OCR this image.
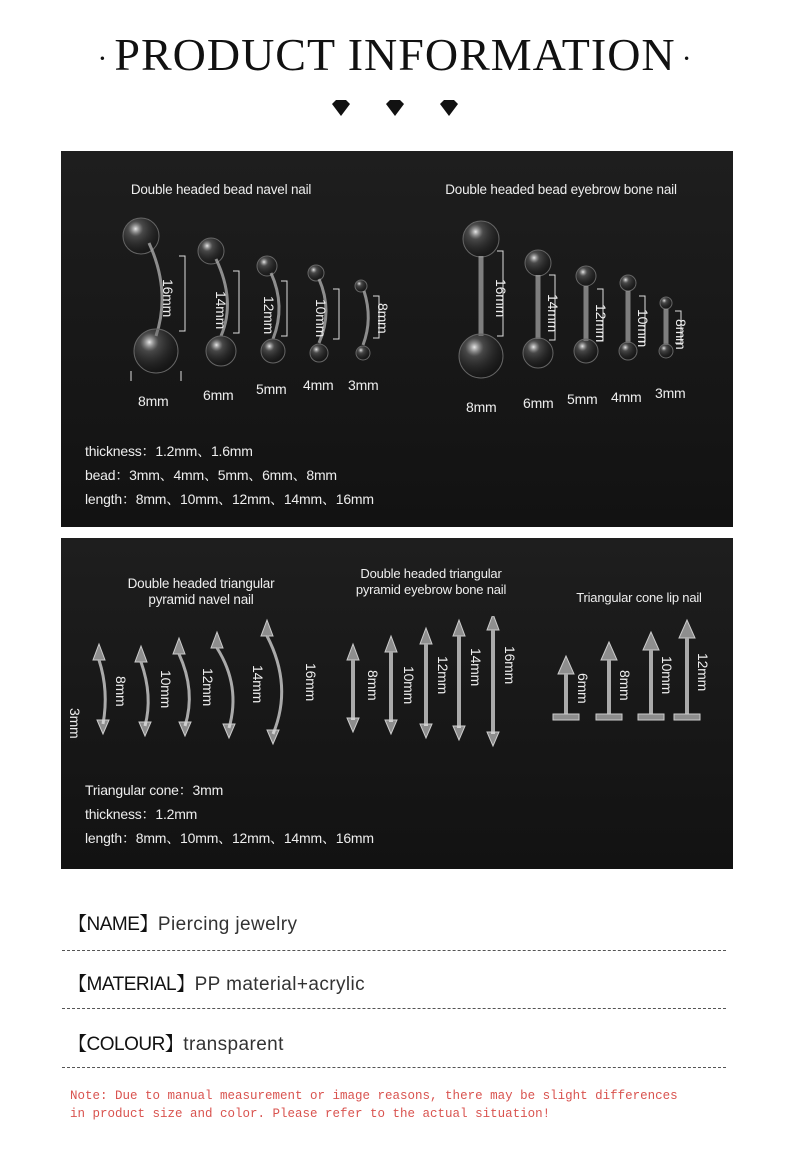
· PRODUCT INFORMATION ·

Double headed bead navel nail	Double headed bead eyebrow bone nail
16mm	14mm 12mm	10mm	8mm
8mm 6mm 5mm 4mm 3mm
16mm	14mm 12mm 10mm 8mm
8mm 6mm 5mm 4mm 3mm
thickness：1.2mm、1.6mm
bead：3mm、4mm、5mm、6mm、8mm
length：8mm、10mm、12mm、14mm、16mm
Double headed triangular
pyramid navel nail
Double headed triangular
pyramid eyebrow bone nail
Triangular cone lip nail
3mm
8mm 10mm 12mm 14mm	16mm	8mm 10mm 12mm 14mm 16mm
6mm 8mm 10mm 12mm
Triangular cone：3mm
thickness：1.2mm
length：8mm、10mm、12mm、14mm、16mm
【NAME】Piercing jewelry
【MATERIAL】PP material+acrylic
【COLOUR】transparent
Note: Due to manual measurement or image reasons, there may be slight differences
in product size and color. Please refer to the actual situation!
